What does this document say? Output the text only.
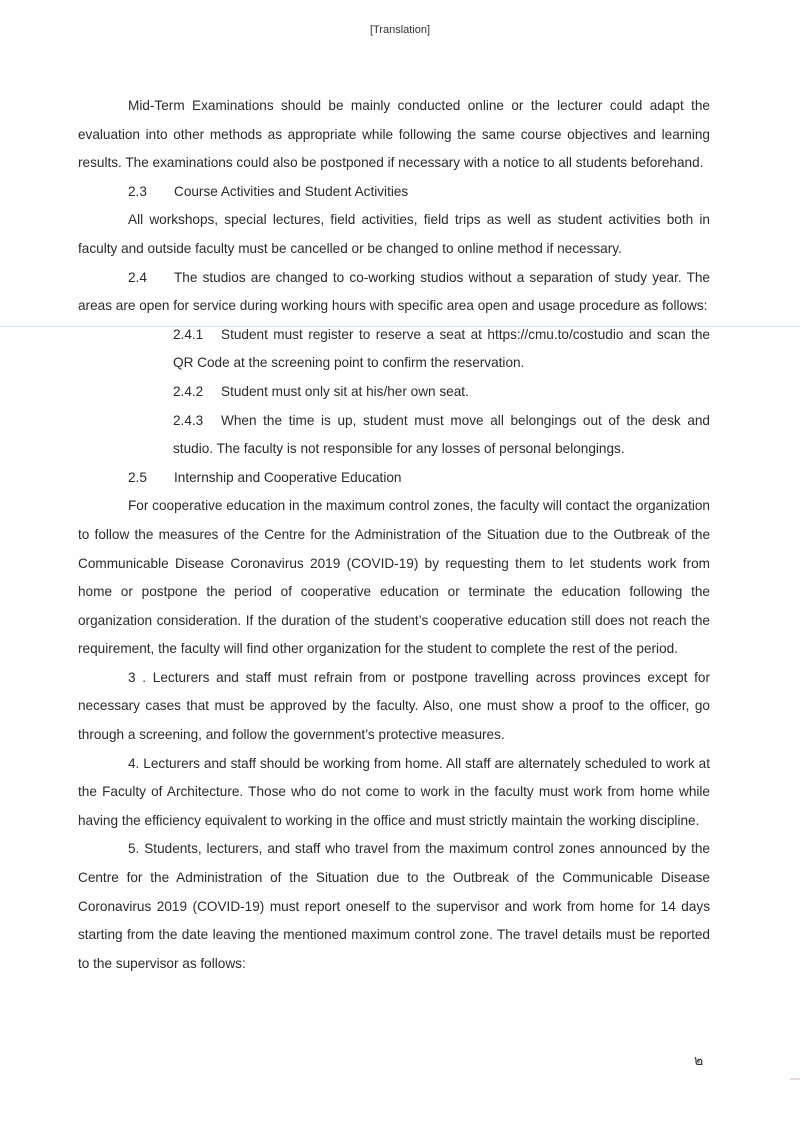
[Translation]

Mid-Term Examinations should be mainly conducted online or the lecturer could adapt the evaluation into other methods as appropriate while following the same course objectives and learning results. The examinations could also be postponed if necessary with a notice to all students beforehand.

2.3 Course Activities and Student Activities

All workshops, special lectures, field activities, field trips as well as student activities both in faculty and outside faculty must be cancelled or be changed to online method if necessary.

2.4 The studios are changed to co-working studios without a separation of study year. The areas are open for service during working hours with specific area open and usage procedure as follows:

2.4.1 Student must register to reserve a seat at https://cmu.to/costudio and scan the QR Code at the screening point to confirm the reservation.

2.4.2 Student must only sit at his/her own seat.

2.4.3 When the time is up, student must move all belongings out of the desk and studio. The faculty is not responsible for any losses of personal belongings.

2.5 Internship and Cooperative Education

For cooperative education in the maximum control zones, the faculty will contact the organization to follow the measures of the Centre for the Administration of the Situation due to the Outbreak of the Communicable Disease Coronavirus 2019 (COVID-19) by requesting them to let students work from home or postpone the period of cooperative education or terminate the education following the organization consideration. If the duration of the student’s cooperative education still does not reach the requirement, the faculty will find other organization for the student to complete the rest of the period.

3 . Lecturers and staff must refrain from or postpone travelling across provinces except for necessary cases that must be approved by the faculty. Also, one must show a proof to the officer, go through a screening, and follow the government’s protective measures.

4. Lecturers and staff should be working from home. All staff are alternately scheduled to work at the Faculty of Architecture. Those who do not come to work in the faculty must work from home while having the efficiency equivalent to working in the office and must strictly maintain the working discipline.

5. Students, lecturers, and staff who travel from the maximum control zones announced by the Centre for the Administration of the Situation due to the Outbreak of the Communicable Disease Coronavirus 2019 (COVID-19) must report oneself to the supervisor and work from home for 14 days starting from the date leaving the mentioned maximum control zone. The travel details must be reported to the supervisor as follows:

๒
